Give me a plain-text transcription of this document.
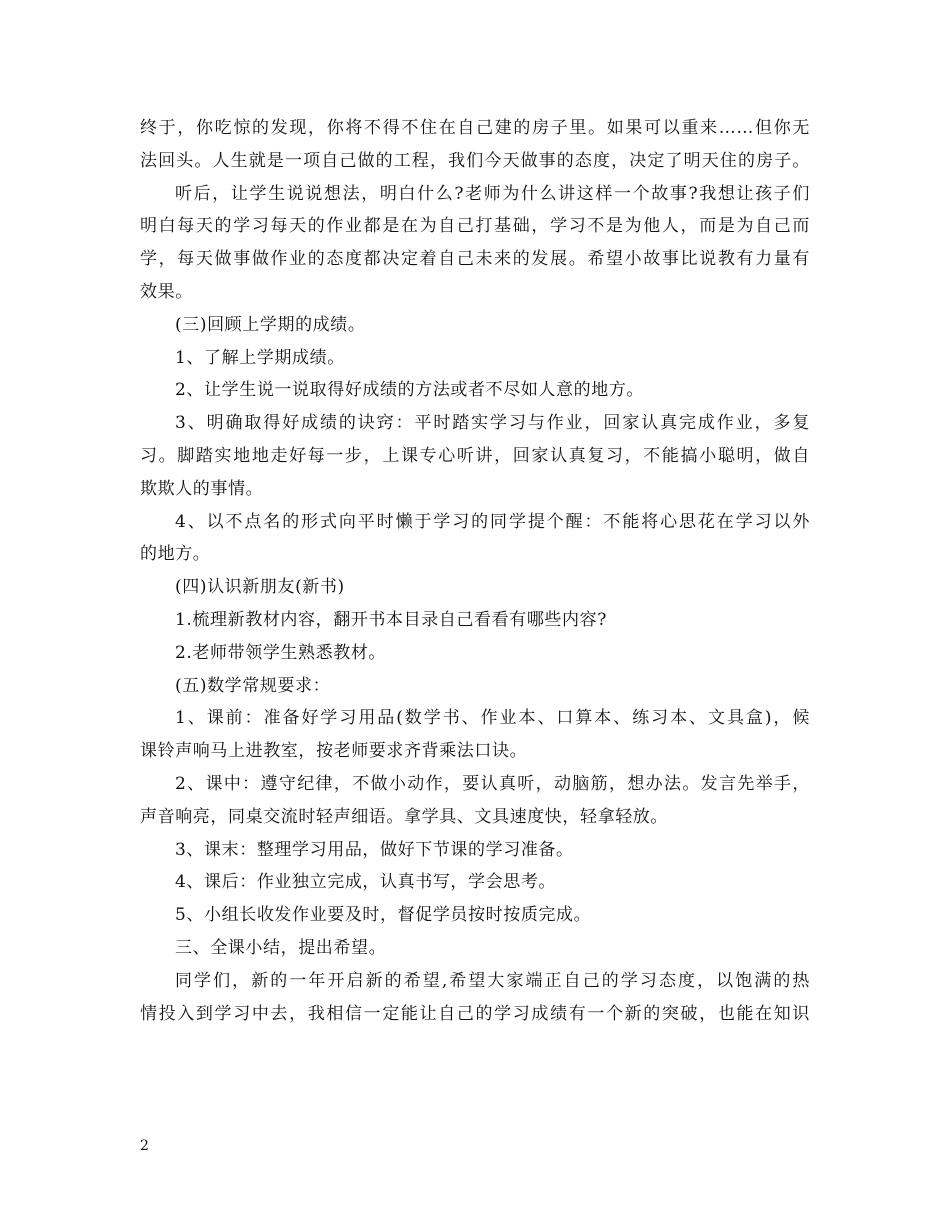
终于，你吃惊的发现，你将不得不住在自己建的房子里。如果可以重来……但你无
法回头。人生就是一项自己做的工程，我们今天做事的态度，决定了明天住的房子。
听后，让学生说说想法，明白什么?老师为什么讲这样一个故事?我想让孩子们
明白每天的学习每天的作业都是在为自己打基础，学习不是为他人，而是为自己而
学，每天做事做作业的态度都决定着自己未来的发展。希望小故事比说教有力量有
效果。
(三)回顾上学期的成绩。
1、了解上学期成绩。
2、让学生说一说取得好成绩的方法或者不尽如人意的地方。
3、明确取得好成绩的诀窍：平时踏实学习与作业，回家认真完成作业，多复
习。脚踏实地地走好每一步，上课专心听讲，回家认真复习，不能搞小聪明，做自
欺欺人的事情。
4、以不点名的形式向平时懒于学习的同学提个醒：不能将心思花在学习以外
的地方。
(四)认识新朋友(新书)
1.梳理新教材内容，翻开书本目录自己看看有哪些内容?
2.老师带领学生熟悉教材。
(五)数学常规要求：
1、课前：准备好学习用品(数学书、作业本、口算本、练习本、文具盒)，候
课铃声响马上进教室，按老师要求齐背乘法口诀。
2、课中：遵守纪律，不做小动作，要认真听，动脑筋，想办法。发言先举手，
声音响亮，同桌交流时轻声细语。拿学具、文具速度快，轻拿轻放。
3、课末：整理学习用品，做好下节课的学习准备。
4、课后：作业独立完成，认真书写，学会思考。
5、小组长收发作业要及时，督促学员按时按质完成。
三、全课小结，提出希望。
同学们，新的一年开启新的希望,希望大家端正自己的学习态度，以饱满的热
情投入到学习中去，我相信一定能让自己的学习成绩有一个新的突破，也能在知识
2
